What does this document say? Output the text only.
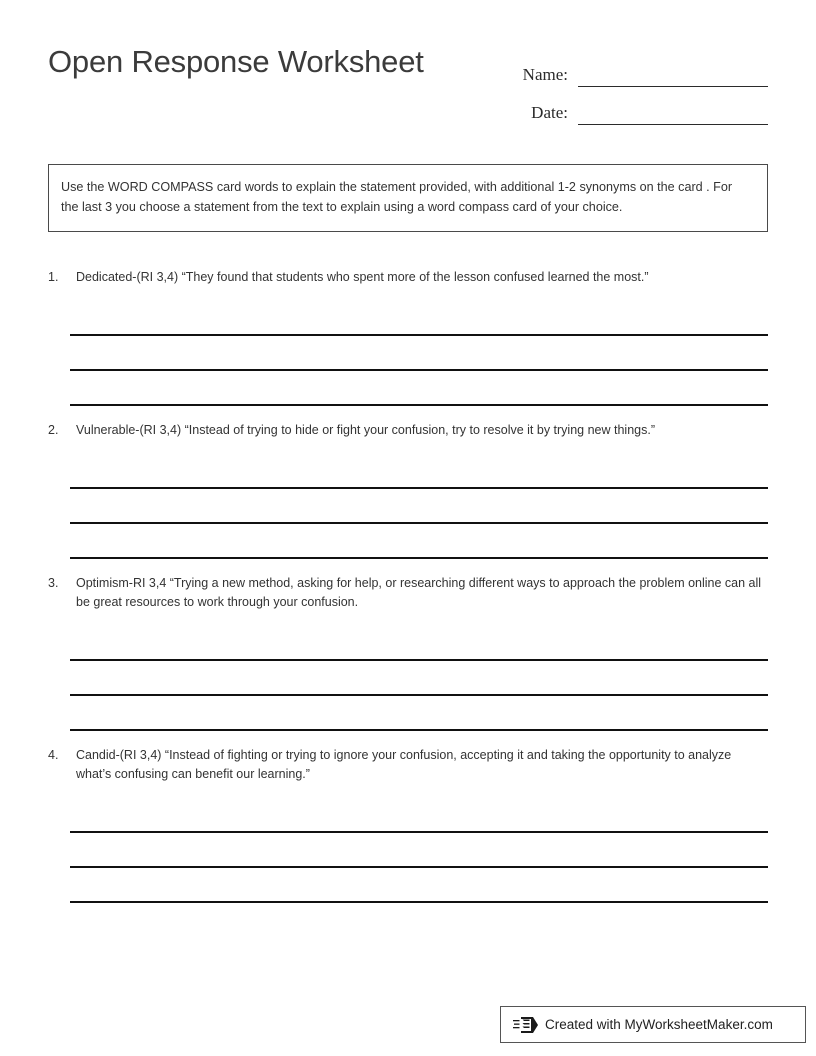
Open Response Worksheet	Name:
Date:
Use the WORD COMPASS card words to explain the statement provided, with additional 1-2 synonyms on the card . For the last 3 you choose a statement from the text to explain using a word compass card of your choice.
1.	Dedicated-(RI 3,4) “They found that students who spent more of the lesson confused learned the most.”
2.	Vulnerable-(RI 3,4) “Instead of trying to hide or fight your confusion, try to resolve it by trying new things.”
3.	Optimism-RI 3,4 “Trying a new method, asking for help, or researching different ways to approach the problem online can all be great resources to work through your confusion.
4.	Candid-(RI 3,4) “Instead of fighting or trying to ignore your confusion, accepting it and taking the opportunity to analyze what’s confusing can benefit our learning.”
Created with MyWorksheetMaker.com
